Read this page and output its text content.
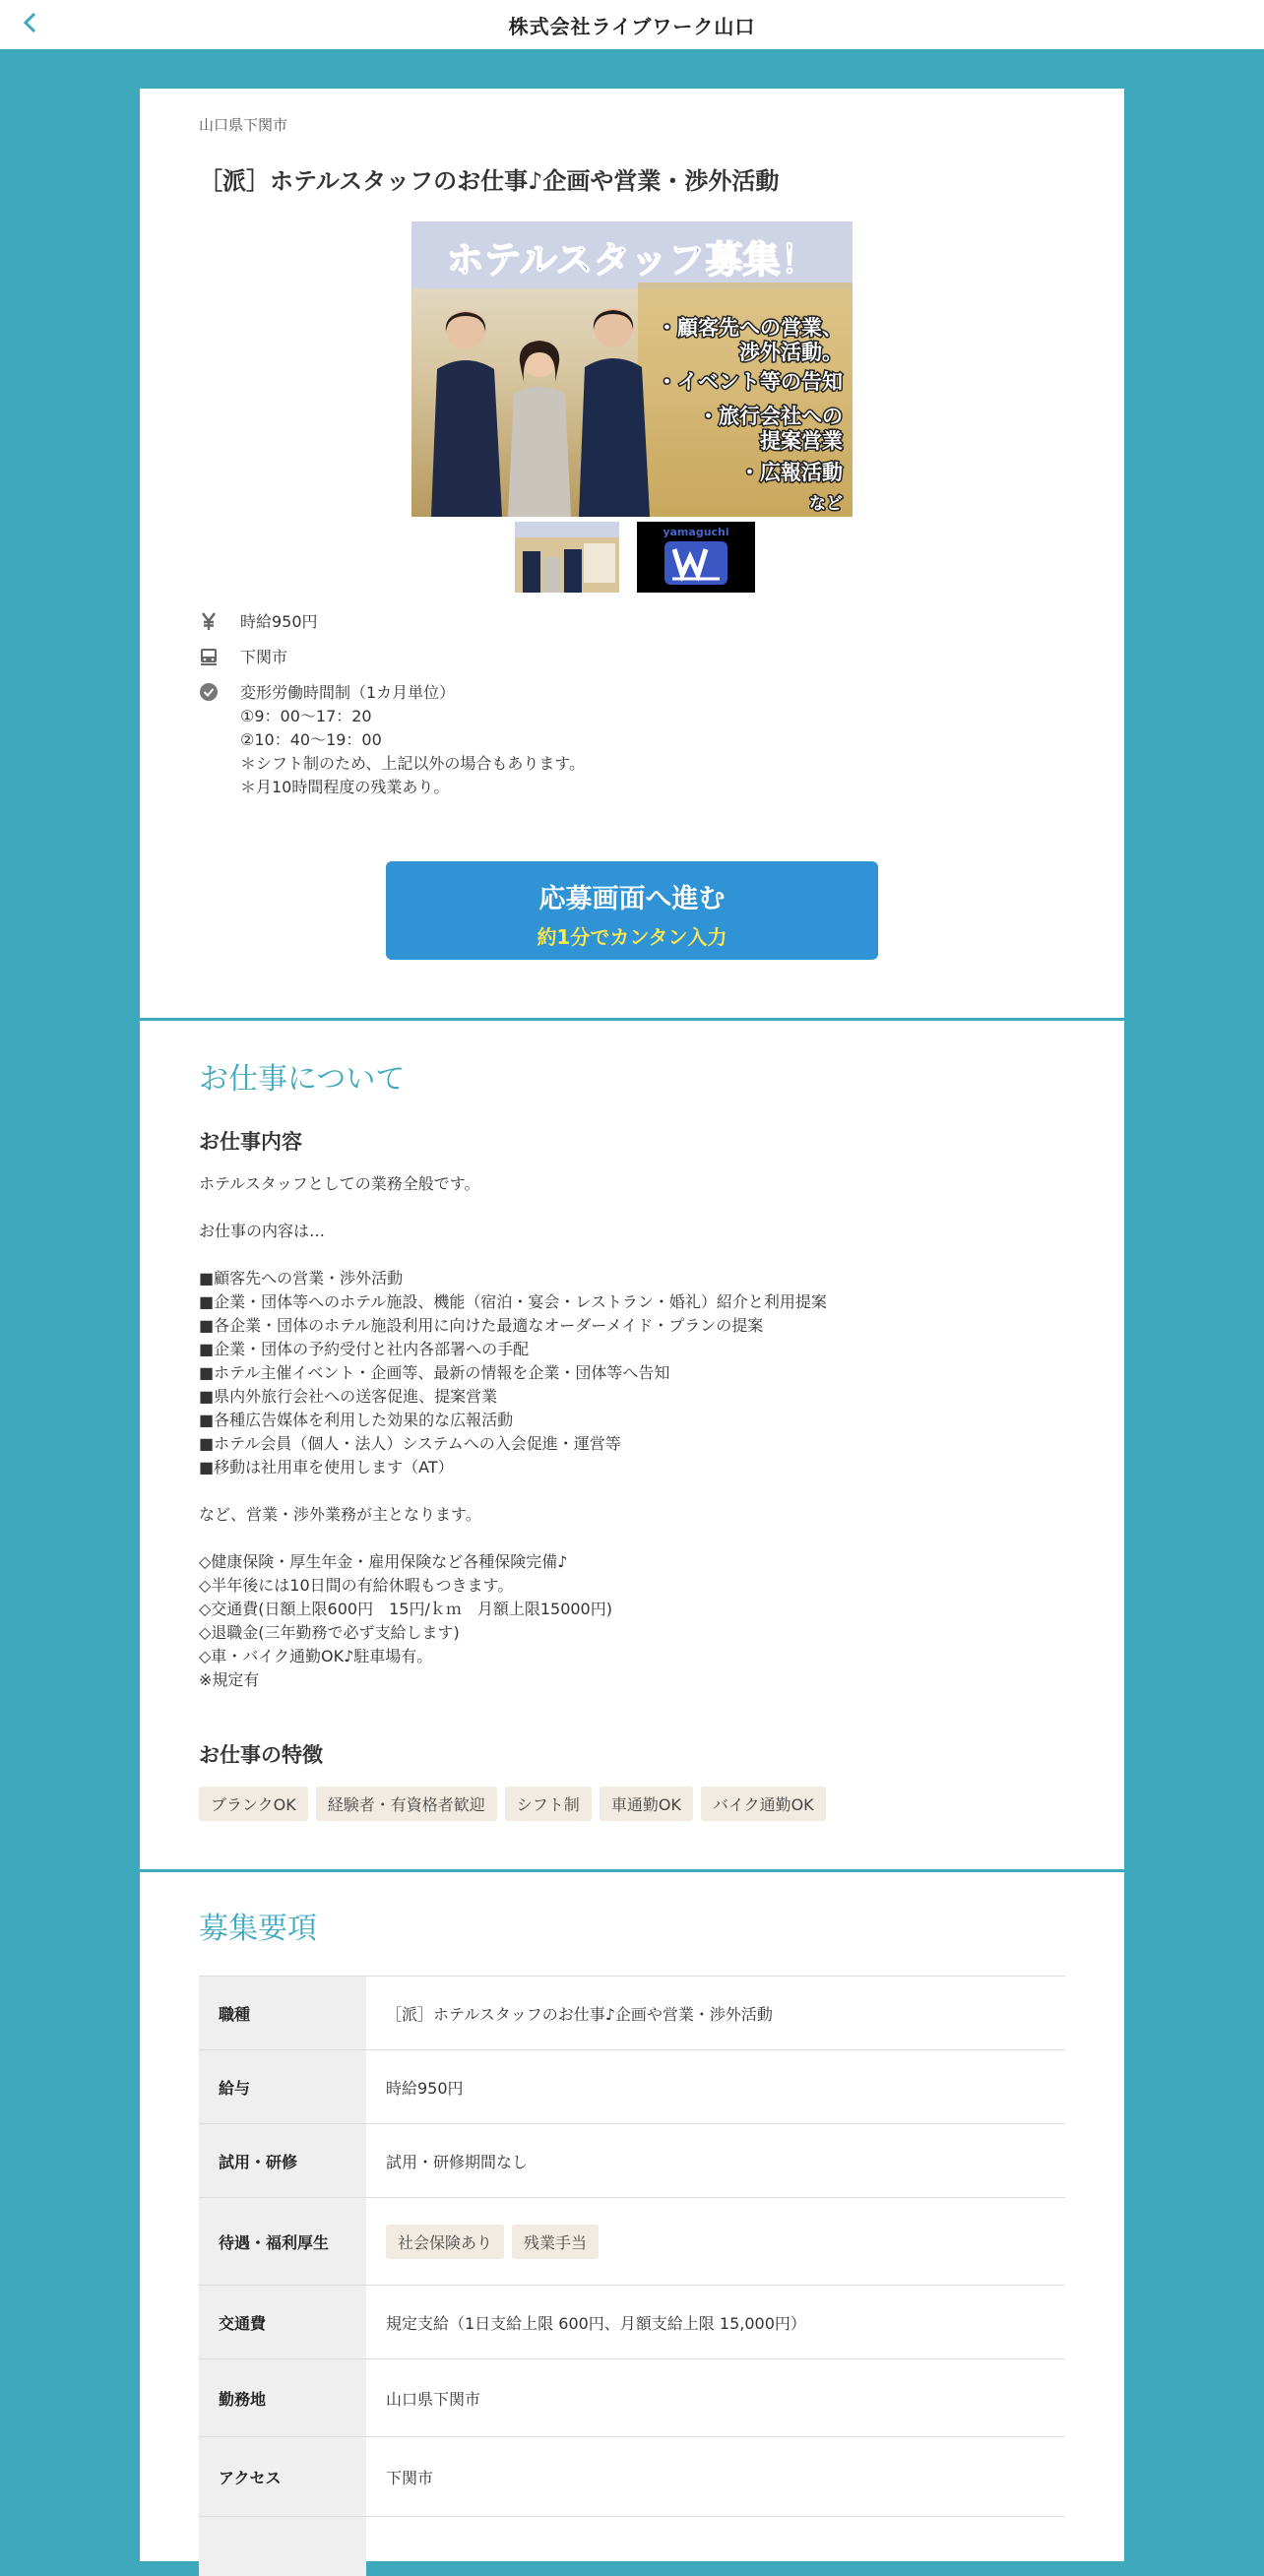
株式会社ライブワーク山口
山口県下関市
［派］ホテルスタッフのお仕事♪企画や営業・渉外活動
ホテルスタッフ募集！
・顧客先への営業、
渉外活動。
・イベント等の告知
・旅行会社への
提案営業
・広報活動
など
yamaguchi
時給950円
下関市
変形労働時間制（1カ月単位）
①9：00～17：20
②10：40～19：00
＊シフト制のため、上記以外の場合もあります。
＊月10時間程度の残業あり。
応募画面へ進む
約1分でカンタン入力
お仕事について
お仕事内容
ホテルスタッフとしての業務全般です。
お仕事の内容は…
■顧客先への営業・渉外活動
■企業・団体等へのホテル施設、機能（宿泊・宴会・レストラン・婚礼）紹介と利用提案
■各企業・団体のホテル施設利用に向けた最適なオーダーメイド・プランの提案
■企業・団体の予約受付と社内各部署への手配
■ホテル主催イベント・企画等、最新の情報を企業・団体等へ告知
■県内外旅行会社への送客促進、提案営業
■各種広告媒体を利用した効果的な広報活動
■ホテル会員（個人・法人）システムへの入会促進・運営等
■移動は社用車を使用します（AT）
など、営業・渉外業務が主となります。
◇健康保険・厚生年金・雇用保険など各種保険完備♪
◇半年後には10日間の有給休暇もつきます。
◇交通費(日額上限600円　15円/ｋｍ　月額上限15000円)
◇退職金(三年勤務で必ず支給します)
◇車・バイク通勤OK♪駐車場有。
※規定有
お仕事の特徴
ブランクOK	経験者・有資格者歓迎	シフト制	車通勤OK	バイク通勤OK
募集要項
職種	［派］ホテルスタッフのお仕事♪企画や営業・渉外活動
給与	時給950円
試用・研修	試用・研修期間なし
待遇・福利厚生	社会保険あり	残業手当
交通費	規定支給（1日支給上限 600円、月額支給上限 15,000円）
勤務地	山口県下関市
アクセス	下関市
